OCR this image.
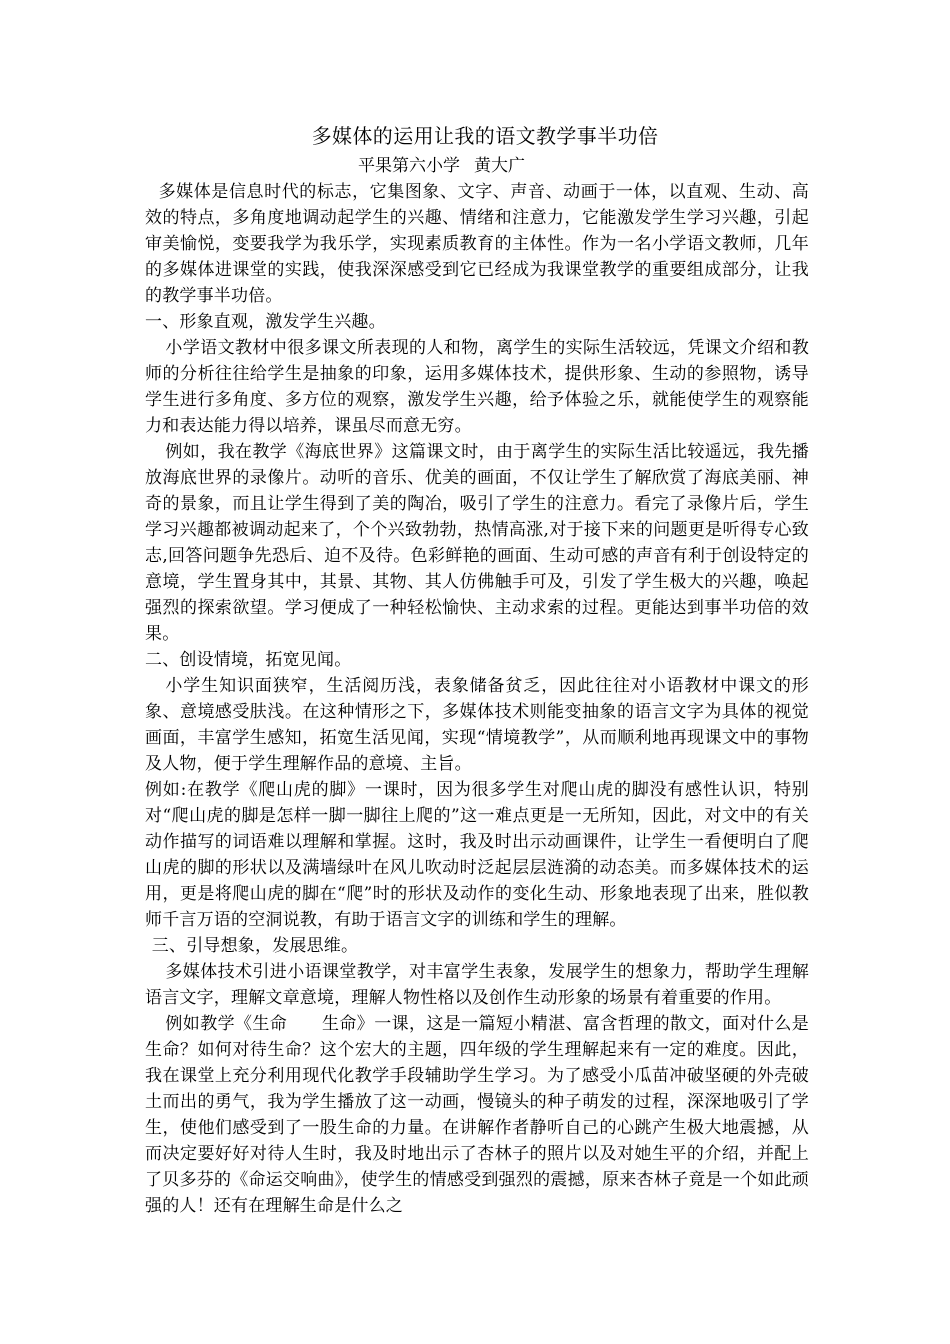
多媒体的运用让我的语文教学事半功倍
平果第六小学 黄大广

多媒体是信息时代的标志，它集图象、文字、声音、动画于一体，以直观、生动、高效的特点，多角度地调动起学生的兴趣、情绪和注意力，它能激发学生学习兴趣，引起审美愉悦，变要我学为我乐学，实现素质教育的主体性。作为一名小学语文教师，几年的多媒体进课堂的实践，使我深深感受到它已经成为我课堂教学的重要组成部分，让我的教学事半功倍。

一、形象直观，激发学生兴趣。

小学语文教材中很多课文所表现的人和物，离学生的实际生活较远，凭课文介绍和教师的分析往往给学生是抽象的印象，运用多媒体技术，提供形象、生动的参照物，诱导学生进行多角度、多方位的观察，激发学生兴趣，给予体验之乐，就能使学生的观察能力和表达能力得以培养，课虽尽而意无穷。

例如，我在教学《海底世界》这篇课文时，由于离学生的实际生活比较遥远，我先播放海底世界的录像片。动听的音乐、优美的画面，不仅让学生了解欣赏了海底美丽、神奇的景象，而且让学生得到了美的陶冶，吸引了学生的注意力。看完了录像片后，学生学习兴趣都被调动起来了，个个兴致勃勃，热情高涨,对于接下来的问题更是听得专心致志,回答问题争先恐后、迫不及待。色彩鲜艳的画面、生动可感的声音有利于创设特定的意境，学生置身其中，其景、其物、其人仿佛触手可及，引发了学生极大的兴趣，唤起强烈的探索欲望。学习便成了一种轻松愉快、主动求索的过程。更能达到事半功倍的效果。

二、创设情境，拓宽见闻。

小学生知识面狭窄，生活阅历浅，表象储备贫乏，因此往往对小语教材中课文的形象、意境感受肤浅。在这种情形之下，多媒体技术则能变抽象的语言文字为具体的视觉画面，丰富学生感知，拓宽生活见闻，实现“情境教学”，从而顺利地再现课文中的事物及人物，便于学生理解作品的意境、主旨。

例如:在教学《爬山虎的脚》一课时，因为很多学生对爬山虎的脚没有感性认识，特别对“爬山虎的脚是怎样一脚一脚往上爬的”这一难点更是一无所知，因此，对文中的有关动作描写的词语难以理解和掌握。这时，我及时出示动画课件，让学生一看便明白了爬山虎的脚的形状以及满墙绿叶在风儿吹动时泛起层层涟漪的动态美。而多媒体技术的运用，更是将爬山虎的脚在“爬”时的形状及动作的变化生动、形象地表现了出来，胜似教师千言万语的空洞说教，有助于语言文字的训练和学生的理解。

三、引导想象，发展思维。

多媒体技术引进小语课堂教学，对丰富学生表象，发展学生的想象力，帮助学生理解语言文字，理解文章意境，理解人物性格以及创作生动形象的场景有着重要的作用。

例如教学《生命　　生命》一课，这是一篇短小精湛、富含哲理的散文，面对什么是生命？如何对待生命？这个宏大的主题，四年级的学生理解起来有一定的难度。因此，我在课堂上充分利用现代化教学手段辅助学生学习。为了感受小瓜苗冲破坚硬的外壳破土而出的勇气，我为学生播放了这一动画，慢镜头的种子萌发的过程，深深地吸引了学生，使他们感受到了一股生命的力量。在讲解作者静听自己的心跳产生极大地震撼，从而决定要好好对待人生时，我及时地出示了杏林子的照片以及对她生平的介绍，并配上了贝多芬的《命运交响曲》，使学生的情感受到强烈的震撼，原来杏林子竟是一个如此顽强的人！还有在理解生命是什么之
